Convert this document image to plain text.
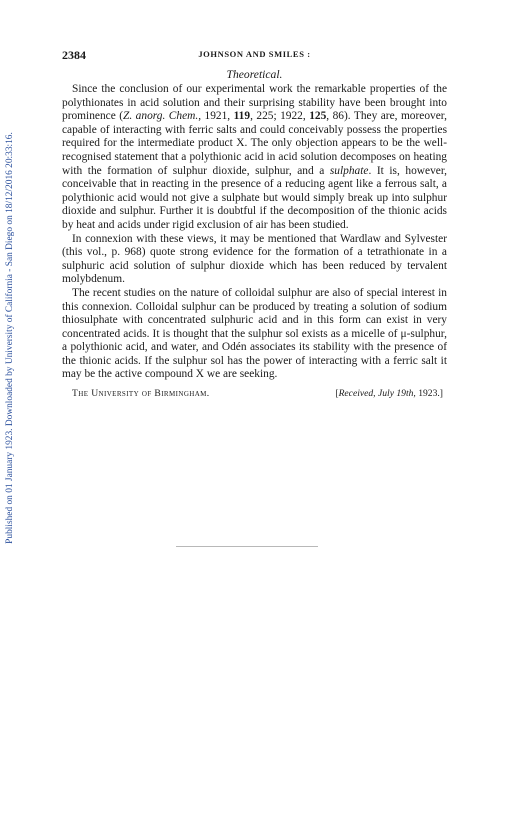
Published on 01 January 1923. Downloaded by University of California - San Diego on 18/12/2016 20:33:16.
2384	JOHNSON AND SMILES :
Theoretical.

Since the conclusion of our experimental work the remarkable properties of the polythionates in acid solution and their surprising stability have been brought into prominence (Z. anorg. Chem., 1921, 119, 225; 1922, 125, 86). They are, moreover, capable of interacting with ferric salts and could conceivably possess the properties required for the intermediate product X. The only objection appears to be the well-recognised statement that a polythionic acid in acid solution decomposes on heating with the formation of sulphur dioxide, sulphur, and a sulphate. It is, however, conceivable that in reacting in the presence of a reducing agent like a ferrous salt, a polythionic acid would not give a sulphate but would simply break up into sulphur dioxide and sulphur. Further it is doubtful if the decomposition of the thionic acids by heat and acids under rigid exclusion of air has been studied.

In connexion with these views, it may be mentioned that Wardlaw and Sylvester (this vol., p. 968) quote strong evidence for the formation of a tetrathionate in a sulphuric acid solution of sulphur dioxide which has been reduced by tervalent molybdenum.

The recent studies on the nature of colloidal sulphur are also of special interest in this connexion. Colloidal sulphur can be produced by treating a solution of sodium thiosulphate with concentrated sulphuric acid and in this form can exist in very concentrated acids. It is thought that the sulphur sol exists as a micelle of μ-sulphur, a polythionic acid, and water, and Odén associates its stability with the presence of the thionic acids. If the sulphur sol has the power of interacting with a ferric salt it may be the active compound X we are seeking.

The University of Birmingham.	[Received, July 19th, 1923.]
